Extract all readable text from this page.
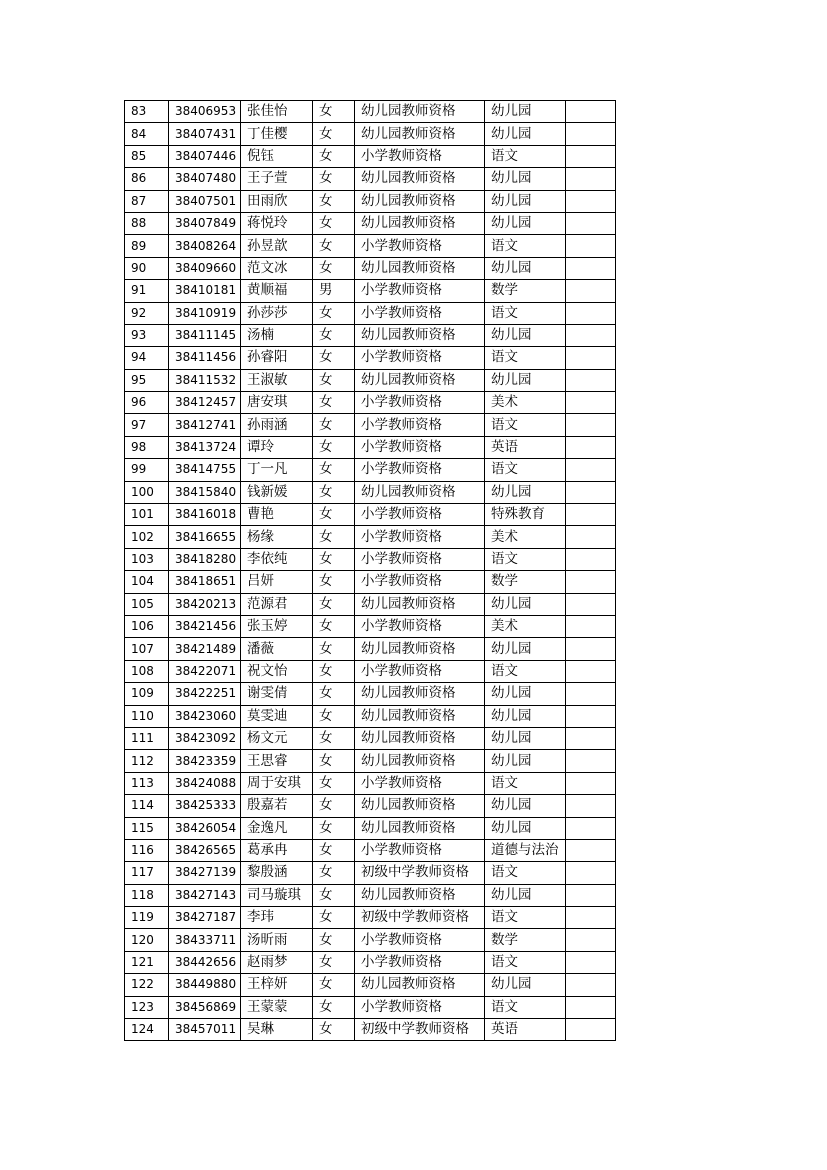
83	38406953	张佳怡	女	幼儿园教师资格	幼儿园	
84	38407431	丁佳樱	女	幼儿园教师资格	幼儿园	
85	38407446	倪钰	女	小学教师资格	语文	
86	38407480	王子萱	女	幼儿园教师资格	幼儿园	
87	38407501	田雨欣	女	幼儿园教师资格	幼儿园	
88	38407849	蒋悦玲	女	幼儿园教师资格	幼儿园	
89	38408264	孙昱歆	女	小学教师资格	语文	
90	38409660	范文冰	女	幼儿园教师资格	幼儿园	
91	38410181	黄顺福	男	小学教师资格	数学	
92	38410919	孙莎莎	女	小学教师资格	语文	
93	38411145	汤楠	女	幼儿园教师资格	幼儿园	
94	38411456	孙睿阳	女	小学教师资格	语文	
95	38411532	王淑敏	女	幼儿园教师资格	幼儿园	
96	38412457	唐安琪	女	小学教师资格	美术	
97	38412741	孙雨涵	女	小学教师资格	语文	
98	38413724	谭玲	女	小学教师资格	英语	
99	38414755	丁一凡	女	小学教师资格	语文	
100	38415840	钱新媛	女	幼儿园教师资格	幼儿园	
101	38416018	曹艳	女	小学教师资格	特殊教育	
102	38416655	杨缘	女	小学教师资格	美术	
103	38418280	李依纯	女	小学教师资格	语文	
104	38418651	吕妍	女	小学教师资格	数学	
105	38420213	范源君	女	幼儿园教师资格	幼儿园	
106	38421456	张玉婷	女	小学教师资格	美术	
107	38421489	潘薇	女	幼儿园教师资格	幼儿园	
108	38422071	祝文怡	女	小学教师资格	语文	
109	38422251	谢雯倩	女	幼儿园教师资格	幼儿园	
110	38423060	莫雯迪	女	幼儿园教师资格	幼儿园	
111	38423092	杨文元	女	幼儿园教师资格	幼儿园	
112	38423359	王思睿	女	幼儿园教师资格	幼儿园	
113	38424088	周于安琪	女	小学教师资格	语文	
114	38425333	殷嘉若	女	幼儿园教师资格	幼儿园	
115	38426054	金逸凡	女	幼儿园教师资格	幼儿园	
116	38426565	葛承冉	女	小学教师资格	道德与法治	
117	38427139	黎殷涵	女	初级中学教师资格	语文	
118	38427143	司马璇琪	女	幼儿园教师资格	幼儿园	
119	38427187	李玮	女	初级中学教师资格	语文	
120	38433711	汤昕雨	女	小学教师资格	数学	
121	38442656	赵雨梦	女	小学教师资格	语文	
122	38449880	王梓妍	女	幼儿园教师资格	幼儿园	
123	38456869	王蒙蒙	女	小学教师资格	语文	
124	38457011	吴琳	女	初级中学教师资格	英语	
